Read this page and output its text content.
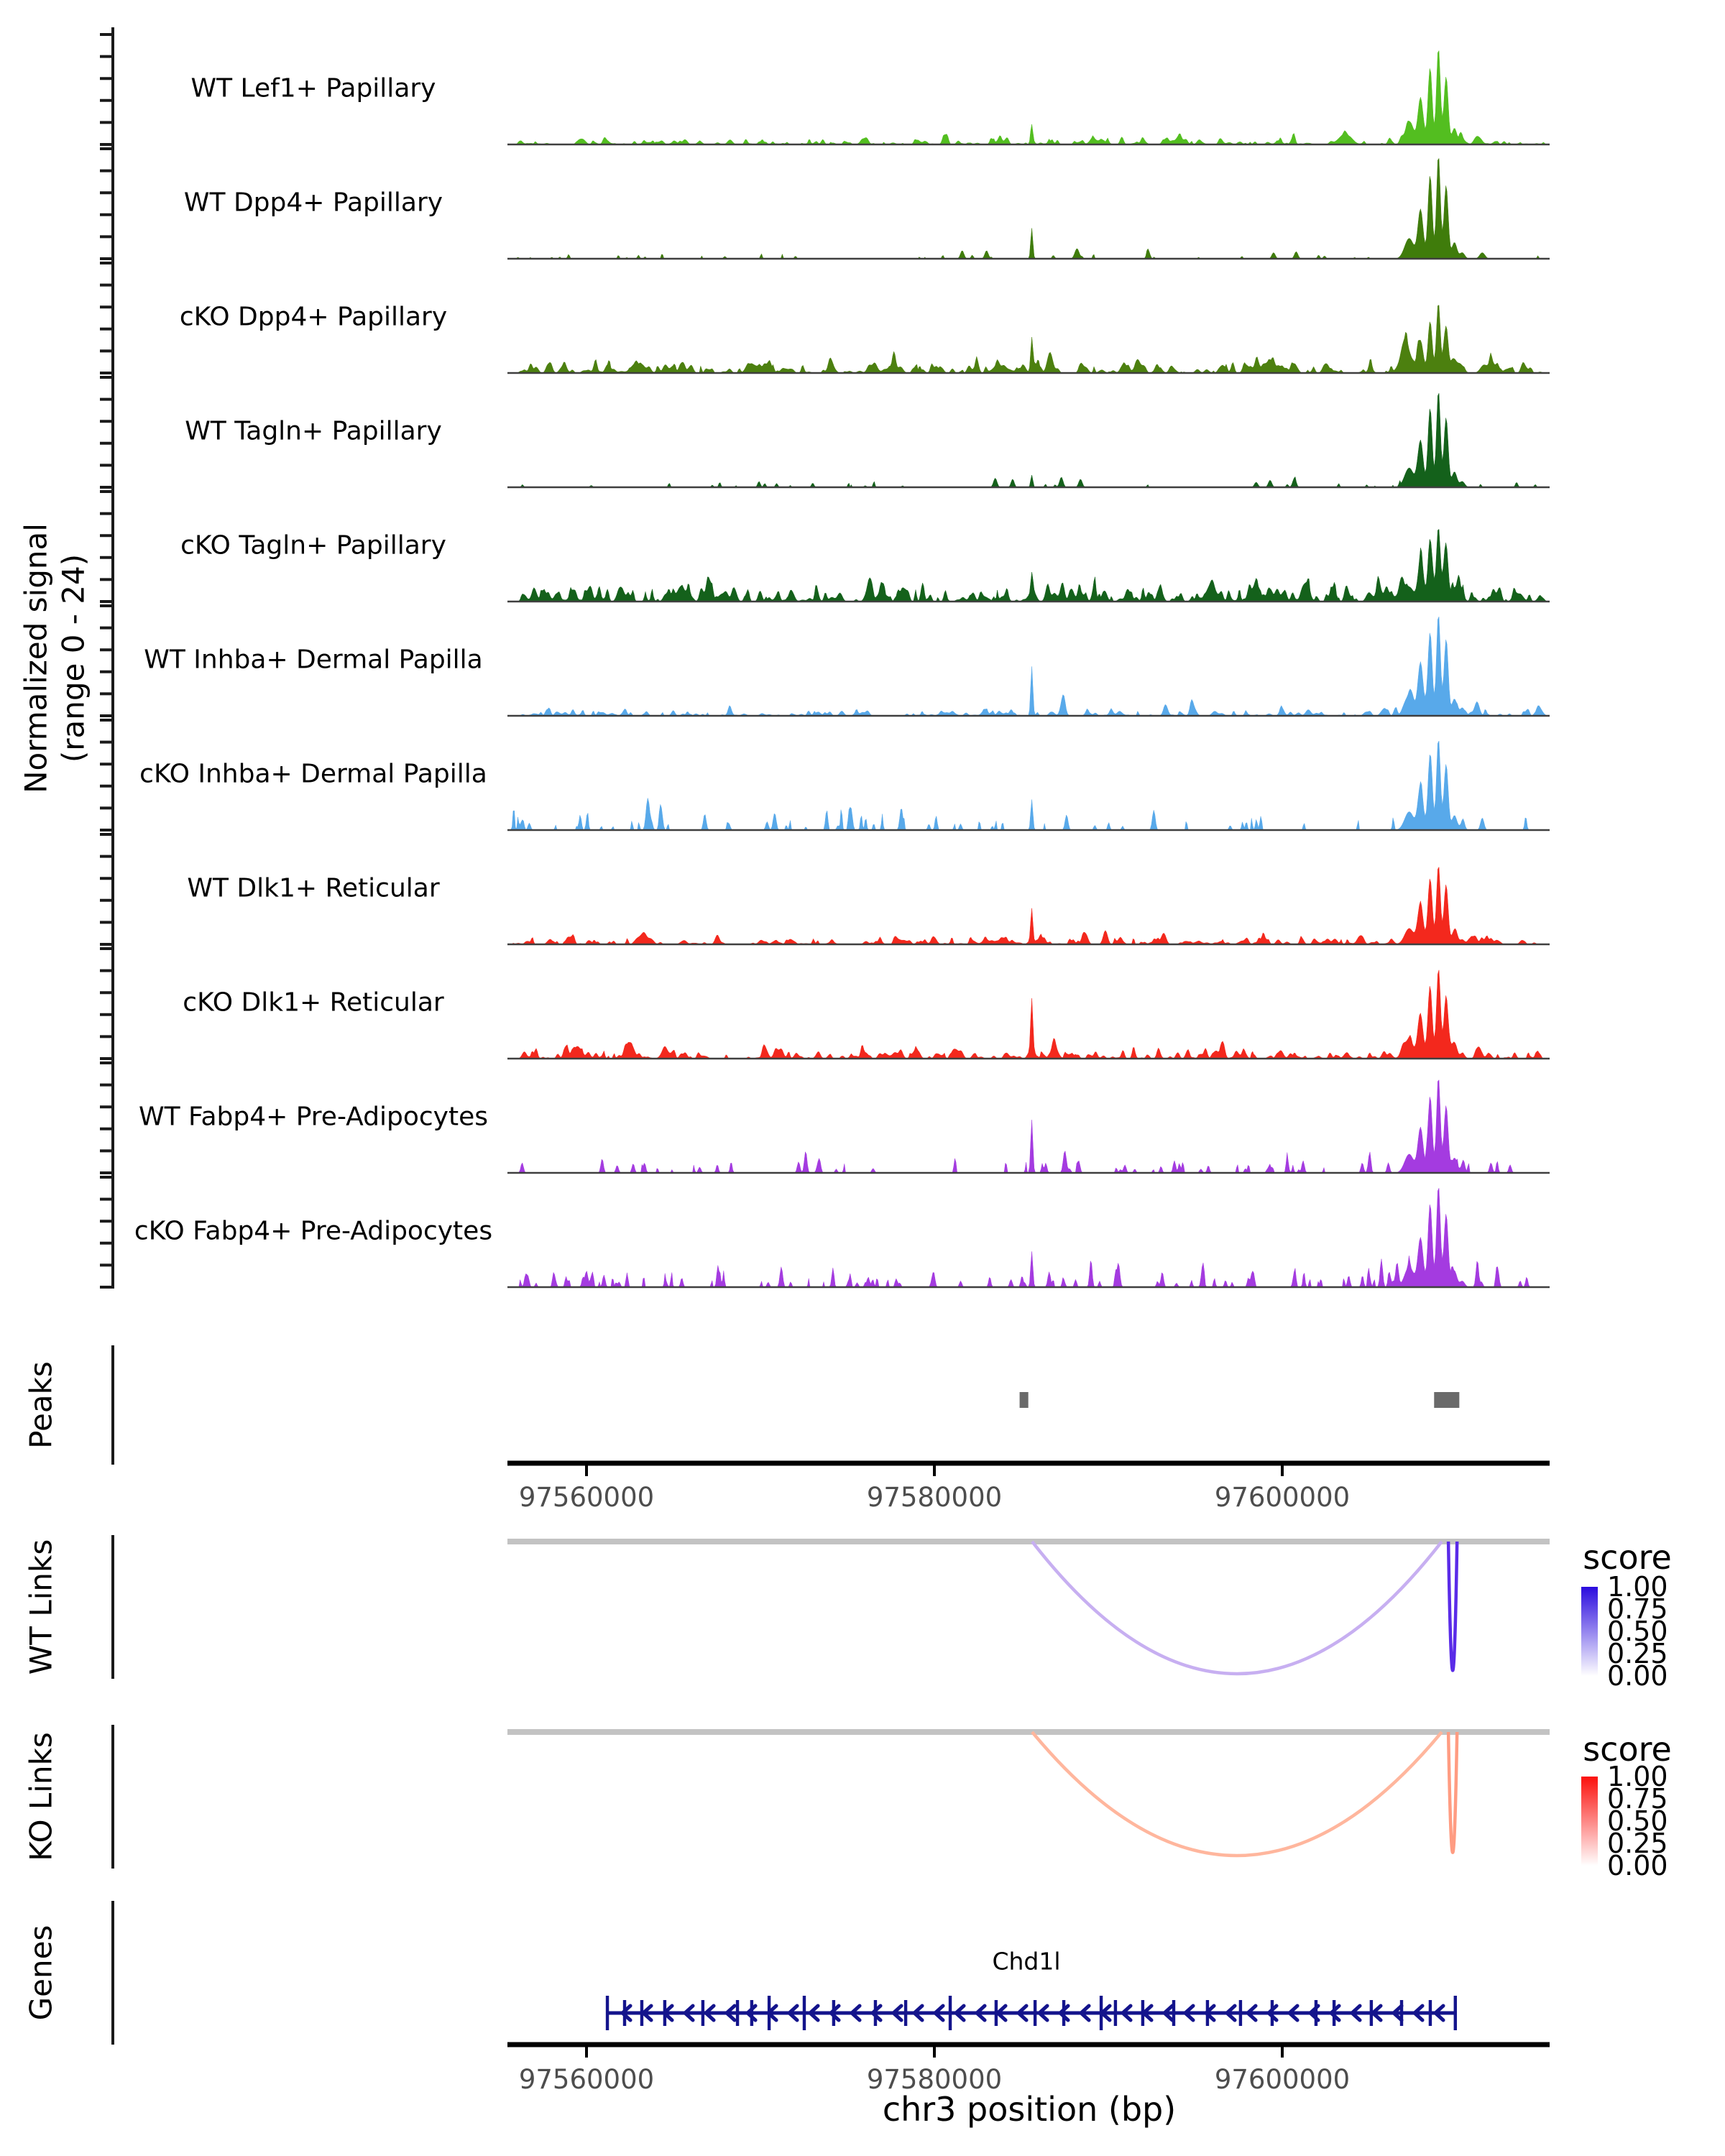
Normalized signal (range 0 - 24)
Peaks
WT Links
KO Links
Genes
score
score
Chd1l
chr3 position (bp)
WT Lef1+ Papillary
WT Dpp4+ Papillary
cKO Dpp4+ Papillary
WT Tagln+ Papillary
cKO Tagln+ Papillary
WT Inhba+ Dermal Papilla
cKO Inhba+ Dermal Papilla
WT Dlk1+ Reticular
cKO Dlk1+ Reticular
WT Fabp4+ Pre-Adipocytes
cKO Fabp4+ Pre-Adipocytes
97560000	97580000	97600000
97560000	97580000	97600000
1.00
0.75
0.50
0.25
0.00
1.00
0.75
0.50
0.25
0.00
